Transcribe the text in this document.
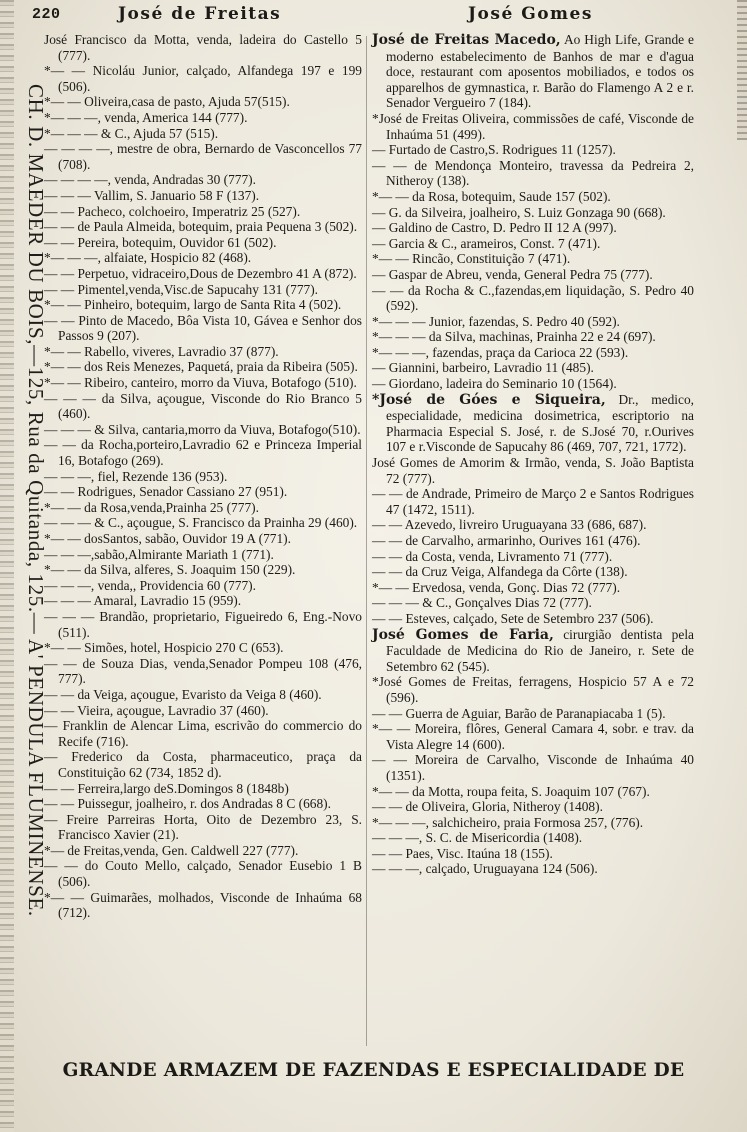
220	José de Freitas	José Gomes
CH. D. MAEDER DU BOIS,—125, Rua da Quitanda, 125.— A' PENDULA FLUMINENSE.

José Francisco da Motta, venda, ladeira do Castello 5 (777).

*— — Nicoláu Junior, calçado, Alfandega 197 e 199 (506).

*— — Oliveira,casa de pasto, Ajuda 57(515).

*— — —, venda, America 144 (777).

*— — — & C., Ajuda 57 (515).

— — — —, mestre de obra, Bernardo de Vasconcellos 77 (708).

— — — —, venda, Andradas 30 (777).

— — — Vallim, S. Januario 58 F (137).

— — Pacheco, colchoeiro, Imperatriz 25 (527).

— — de Paula Almeida, botequim, praia Pequena 3 (502).

— — Pereira, botequim, Ouvidor 61 (502).

*— — —, alfaiate, Hospicio 82 (468).

— — Perpetuo, vidraceiro,Dous de Dezembro 41 A (872).

— — Pimentel,venda,Visc.de Sapucahy 131 (777).

*— — Pinheiro, botequim, largo de Santa Rita 4 (502).

— — Pinto de Macedo, Bôa Vista 10, Gávea e Senhor dos Passos 9 (207).

*— — Rabello, viveres, Lavradio 37 (877).

*— — dos Reis Menezes, Paquetá, praia da Ribeira (505).

*— — Ribeiro, canteiro, morro da Viuva, Botafogo (510).

— — — da Silva, açougue, Visconde do Rio Branco 5 (460).

— — — & Silva, cantaria,morro da Viuva, Botafogo(510).

— — da Rocha,porteiro,Lavradio 62 e Princeza Imperial 16, Botafogo (269).

— — —, fiel, Rezende 136 (953).

— — Rodrigues, Senador Cassiano 27 (951).

*— — da Rosa,venda,Prainha 25 (777).

— — — & C., açougue, S. Francisco da Prainha 29 (460).

*— — dosSantos, sabão, Ouvidor 19 A (771).

— — —,sabão,Almirante Mariath 1 (771).

*— — da Silva, alferes, S. Joaquim 150 (229).

— — —, venda,, Providencia 60 (777).

— — — Amaral, Lavradio 15 (959).

— — — Brandão, proprietario, Figueiredo 6, Eng.-Novo (511).

*— — Simões, hotel, Hospicio 270 C (653).

— — de Souza Dias, venda,Senador Pompeu 108 (476, 777).

— — da Veiga, açougue, Evaristo da Veiga 8 (460).

— — Vieira, açougue, Lavradio 37 (460).

— Franklin de Alencar Lima, escrivão do commercio do Recife (716).

— Frederico da Costa, pharmaceutico, praça da Constituição 62 (734, 1852 d).

— — Ferreira,largo deS.Domingos 8 (1848b)

— — Puissegur, joalheiro, r. dos Andradas 8 C (668).

— Freire Parreiras Horta, Oito de Dezembro 23, S. Francisco Xavier (21).

*— de Freitas,venda, Gen. Caldwell 227 (777).

— — do Couto Mello, calçado, Senador Eusebio 1 B (506).

*— — Guimarães, molhados, Visconde de Inhaúma 68 (712).

José de Freitas Macedo, Ao High Life, Grande e moderno estabelecimento de Banhos de mar e d'agua doce, restaurant com aposentos mobiliados, e todos os apparelhos de gymnastica, r. Barão do Flamengo A 2 e r. Senador Vergueiro 7 (184).

*José de Freitas Oliveira, commissões de café, Visconde de Inhaúma 51 (499).

— Furtado de Castro,S. Rodrigues 11 (1257).

— — de Mendonça Monteiro, travessa da Pedreira 2, Nitheroy (138).

*— — da Rosa, botequim, Saude 157 (502).

— G. da Silveira, joalheiro, S. Luiz Gonzaga 90 (668).

— Galdino de Castro, D. Pedro II 12 A (997).

— Garcia & C., arameiros, Const. 7 (471).

*— — Rincão, Constituição 7 (471).

— Gaspar de Abreu, venda, General Pedra 75 (777).

— — da Rocha & C.,fazendas,em liquidação, S. Pedro 40 (592).

*— — — Junior, fazendas, S. Pedro 40 (592).

*— — — da Silva, machinas, Prainha 22 e 24 (697).

*— — —, fazendas, praça da Carioca 22 (593).

— Giannini, barbeiro, Lavradio 11 (485).

— Giordano, ladeira do Seminario 10 (1564).

*José de Góes e Siqueira, Dr., medico, especialidade, medicina dosimetrica, escriptorio na Pharmacia Especial S. José, r. de S.José 70, r.Ourives 107 e r.Visconde de Sapucahy 86 (469, 707, 721, 1772).

José Gomes de Amorim & Irmão, venda, S. João Baptista 72 (777).

— — de Andrade, Primeiro de Março 2 e Santos Rodrigues 47 (1472, 1511).

— — Azevedo, livreiro Uruguayana 33 (686, 687).

— — de Carvalho, armarinho, Ourives 161 (476).

— — da Costa, venda, Livramento 71 (777).

— — da Cruz Veiga, Alfandega da Côrte (138).

*— — Ervedosa, venda, Gonç. Dias 72 (777).

— — — & C., Gonçalves Dias 72 (777).

— — Esteves, calçado, Sete de Setembro 237 (506).

José Gomes de Faria, cirurgião dentista pela Faculdade de Medicina do Rio de Janeiro, r. Sete de Setembro 62 (545).

*José Gomes de Freitas, ferragens, Hospicio 57 A e 72 (596).

— — Guerra de Aguiar, Barão de Paranapiacaba 1 (5).

*— — Moreira, flôres, General Camara 4, sobr. e trav. da Vista Alegre 14 (600).

— — Moreira de Carvalho, Visconde de Inhaúma 40 (1351).

*— — da Motta, roupa feita, S. Joaquim 107 (767).

— — de Oliveira, Gloria, Nitheroy (1408).

*— — —, salchicheiro, praia Formosa 257, (776).

— — —, S. C. de Misericordia (1408).

— — Paes, Visc. Itaúna 18 (155).

— — —, calçado, Uruguayana 124 (506).

GRANDE ARMAZEM DE FAZENDAS E ESPECIALIDADE DE
